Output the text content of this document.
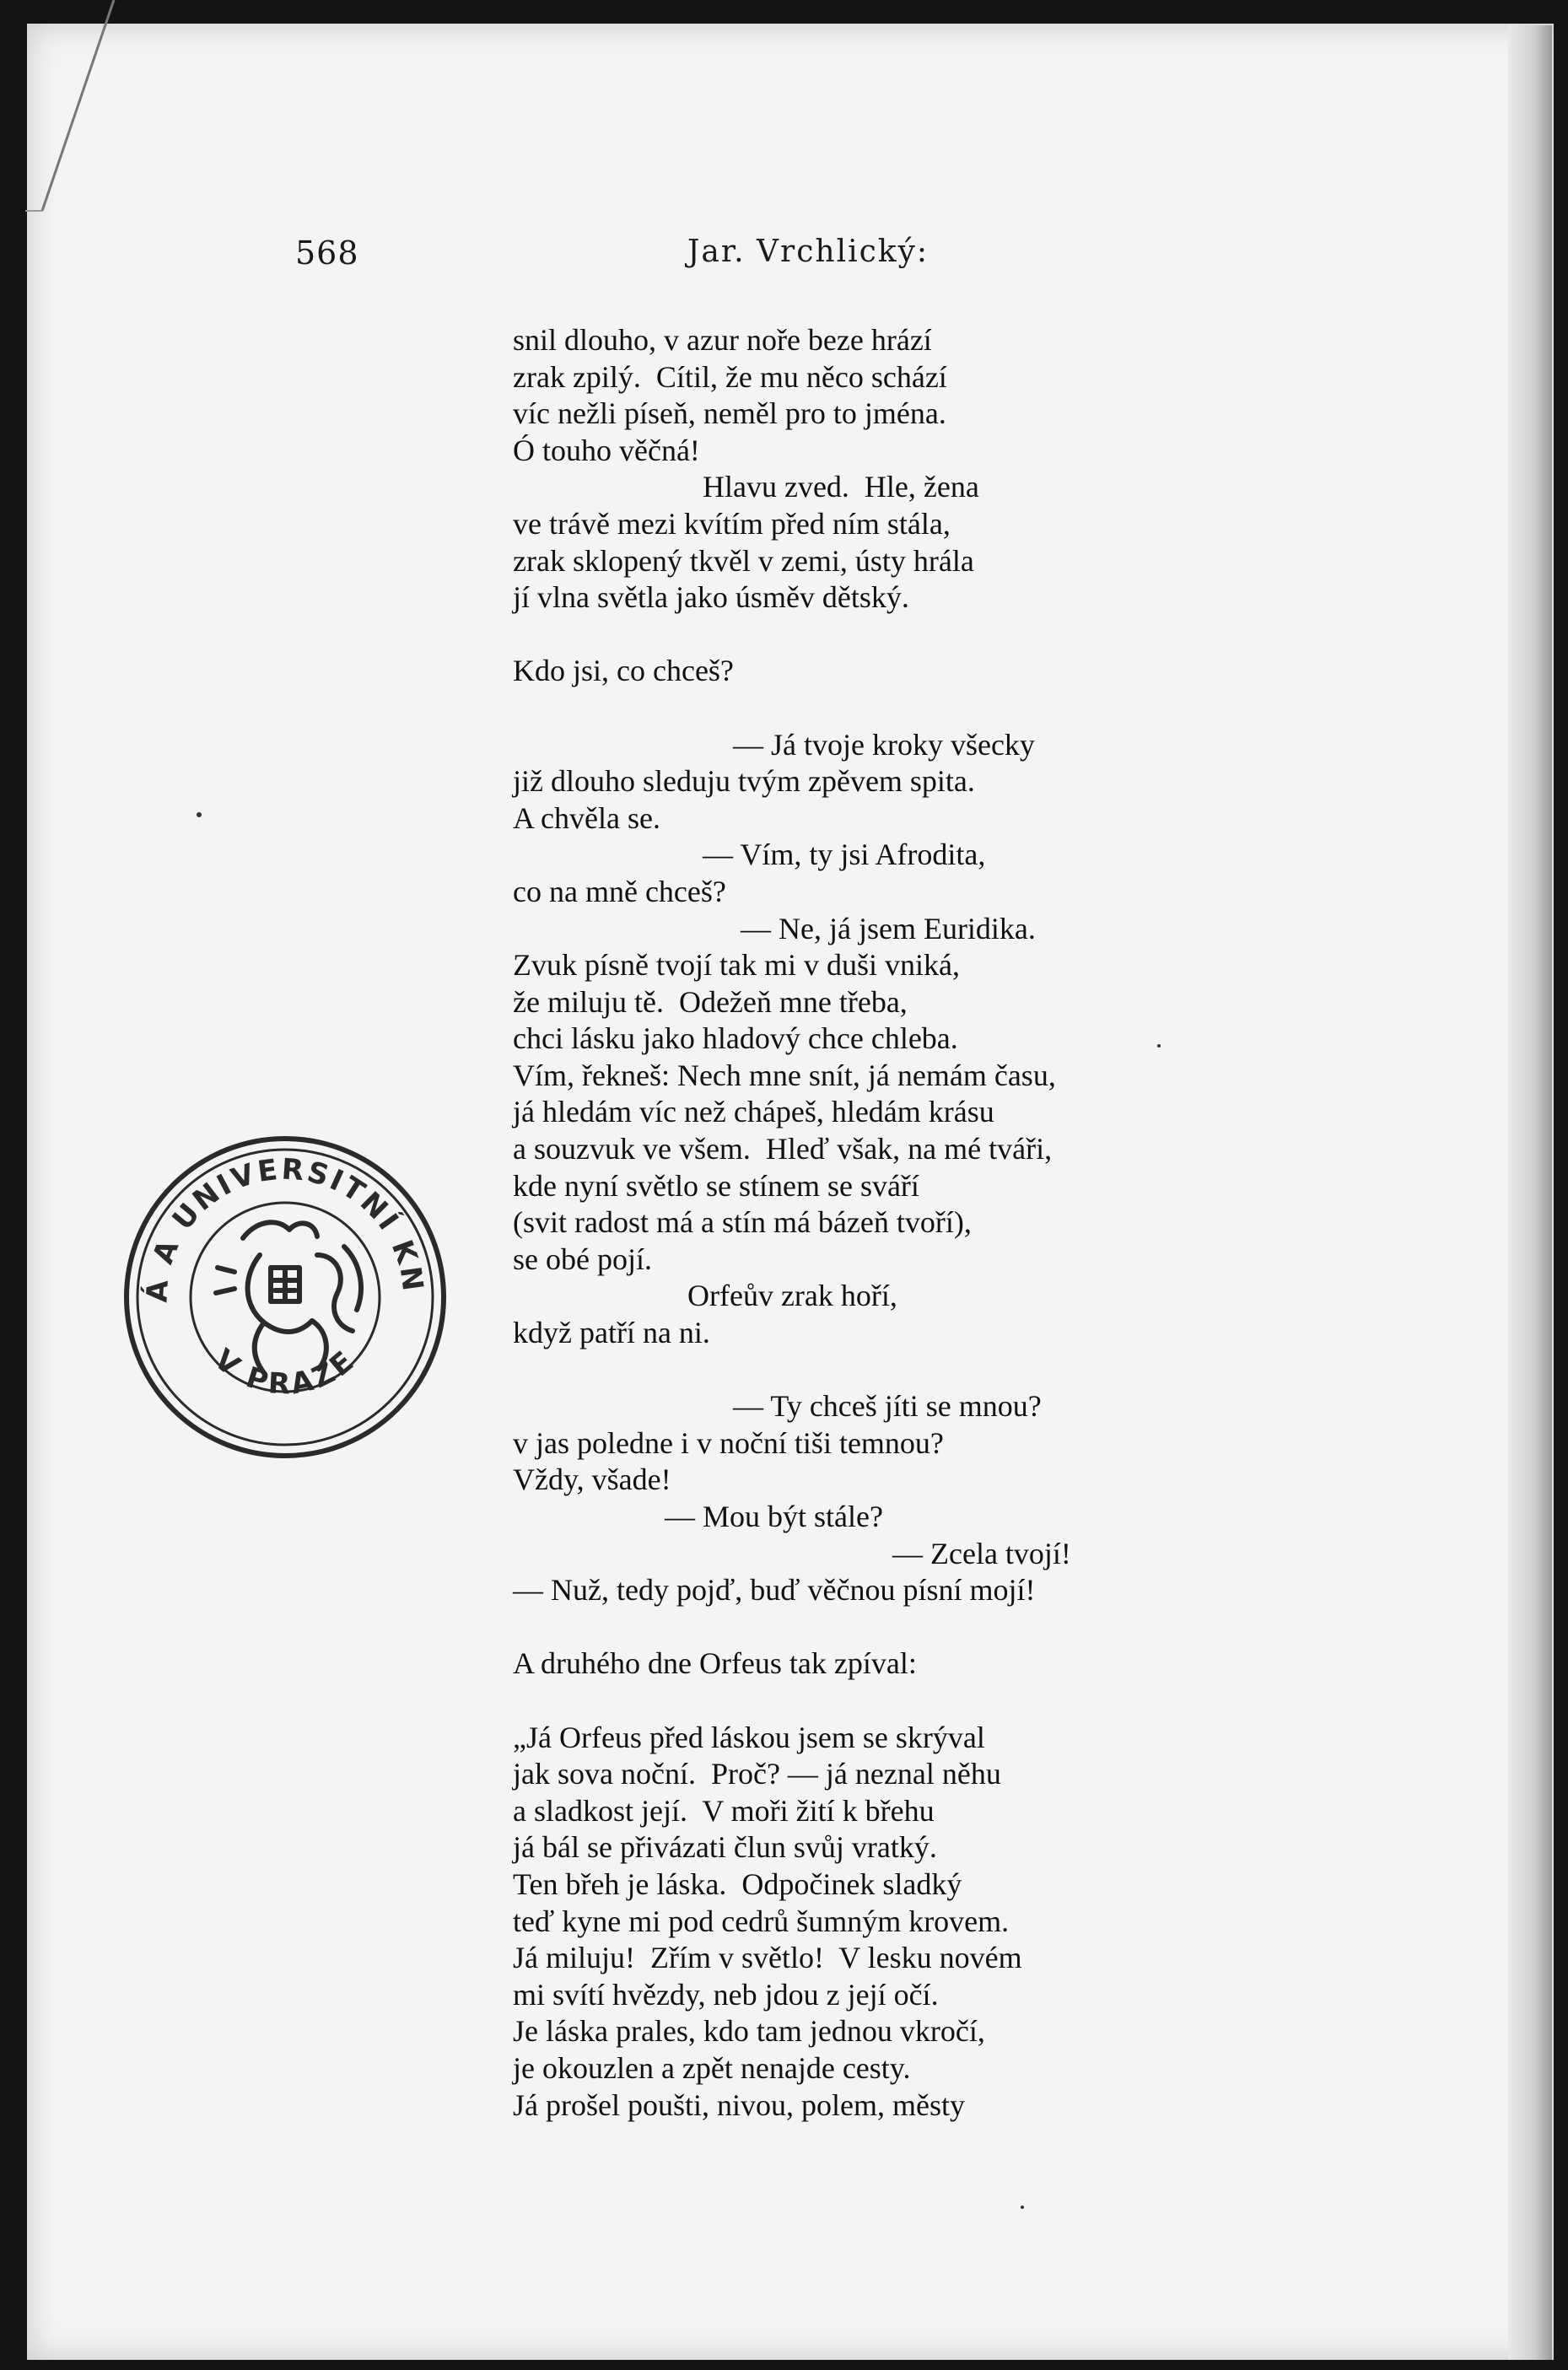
568	Jar. Vrchlický:
snil dlouho, v azur noře beze hrází
zrak zpilý.  Cítil, že mu něco schází
víc nežli píseň, neměl pro to jména.
Ó touho věčná!
Hlavu zved.  Hle, žena
ve trávě mezi kvítím před ním stála,
zrak sklopený tkvěl v zemi, ústy hrála
jí vlna světla jako úsměv dětský.
Kdo jsi, co chceš?
— Já tvoje kroky všecky
již dlouho sleduju tvým zpěvem spita.
A chvěla se.
— Vím, ty jsi Afrodita,
co na mně chceš?
— Ne, já jsem Euridika.
Zvuk písně tvojí tak mi v duši vniká,
že miluju tě.  Odežeň mne třeba,
chci lásku jako hladový chce chleba.
Vím, řekneš: Nech mne snít, já nemám času,
já hledám víc než chápeš, hledám krásu
a souzvuk ve všem.  Hleď však, na mé tváři,
kde nyní světlo se stínem se sváří
(svit radost má a stín má bázeň tvoří),
se obé pojí.
Orfeův zrak hoří,
když patří na ni.
— Ty chceš jíti se mnou?
v jas poledne i v noční tiši temnou?
Vždy, všade!
— Mou být stále?
— Zcela tvojí!
— Nuž, tedy pojď, buď věčnou písní mojí!
A druhého dne Orfeus tak zpíval:
„Já Orfeus před láskou jsem se skrýval
jak sova noční.  Proč? — já neznal něhu
a sladkost její.  V moři žití k břehu
já bál se přivázati člun svůj vratký.
Ten břeh je láska.  Odpočinek sladký
teď kyne mi pod cedrů šumným krovem.
Já miluju!  Zřím v světlo!  V lesku novém
mi svítí hvězdy, neb jdou z její očí.
Je láska prales, kdo tam jednou vkročí,
je okouzlen a zpět nenajde cesty.
Já prošel poušti, nivou, polem, městy
Á A UNIVERSITNÍ KN
V PRAZE
